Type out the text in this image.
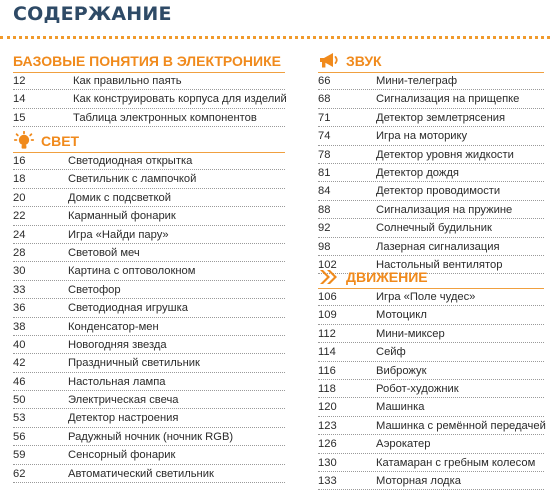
СОДЕРЖАНИЕ
БАЗОВЫЕ ПОНЯТИЯ В ЭЛЕКТРОНИКЕ
12	Как правильно паять
14	Как конструировать корпуса для изделий
15	Таблица электронных компонентов
СВЕТ
16	Светодиодная открытка
18	Светильник с лампочкой
20	Домик с подсветкой
22	Карманный фонарик
24	Игра «Найди пару»
28	Световой меч
30	Картина с оптоволокном
33	Светофор
36	Светодиодная игрушка
38	Конденсатор-мен
40	Новогодняя звезда
42	Праздничный светильник
46	Настольная лампа
50	Электрическая свеча
53	Детектор настроения
56	Радужный ночник (ночник RGB)
59	Сенсорный фонарик
62	Автоматический светильник
ЗВУК
66	Мини-телеграф
68	Сигнализация на прищепке
71	Детектор землетрясения
74	Игра на моторику
78	Детектор уровня жидкости
81	Детектор дождя
84	Детектор проводимости
88	Сигнализация на пружине
92	Солнечный будильник
98	Лазерная сигнализация
102	Настольный вентилятор
ДВИЖЕНИЕ
106	Игра «Поле чудес»
109	Мотоцикл
112	Мини-миксер
114	Сейф
116	Виброжук
118	Робот-художник
120	Машинка
123	Машинка с ремённой передачей
126	Аэрокатер
130	Катамаран с гребным колесом
133	Моторная лодка
